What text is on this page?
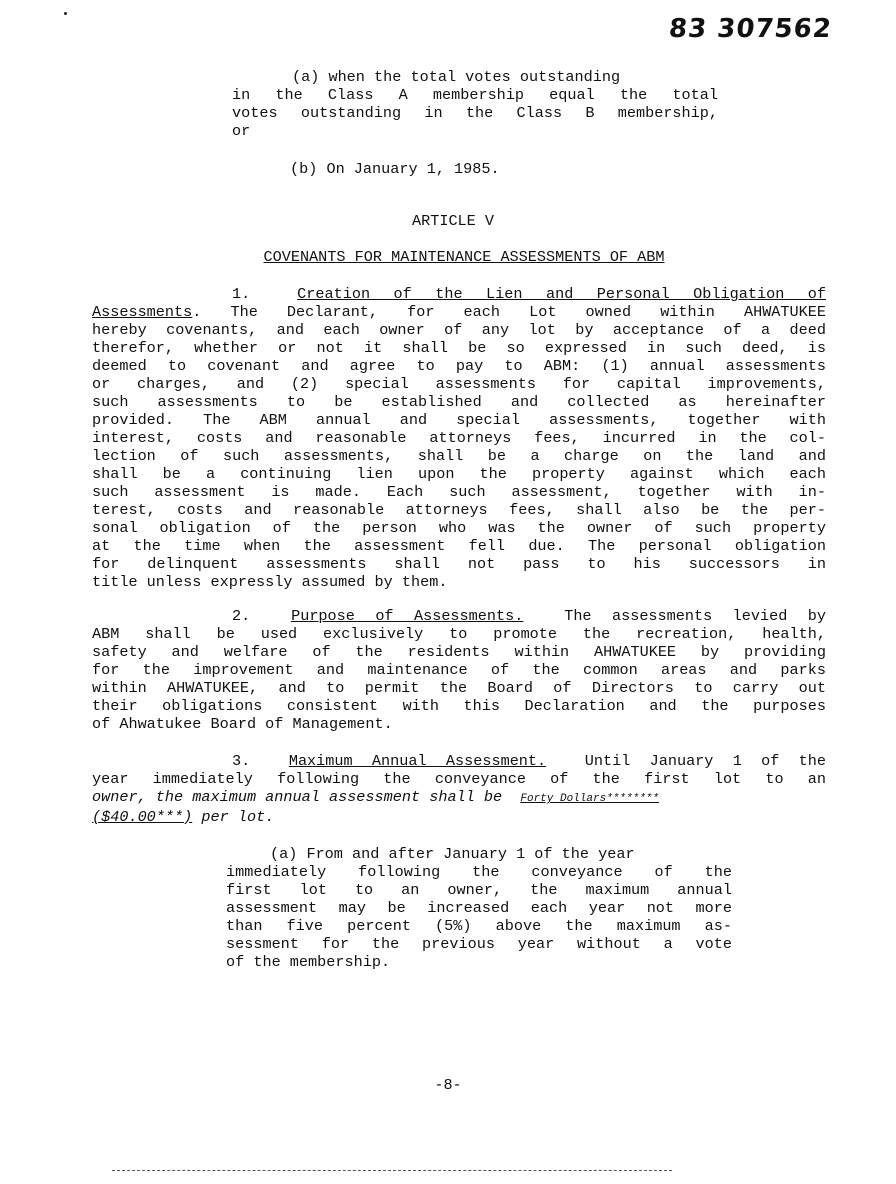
83 307562
(a) when the total votes outstanding

in the Class A membership equal the total

votes outstanding in the Class B membership,

or

(b) On January 1, 1985.
ARTICLE V
COVENANTS FOR MAINTENANCE ASSESSMENTS OF ABM

1.	Creation of the Lien and Personal Obligation of

Assessments. The Declarant, for each Lot owned within AHWATUKEE

hereby covenants, and each owner of any lot by acceptance of a deed

therefor, whether or not it shall be so expressed in such deed, is

deemed to covenant and agree to pay to ABM: (1) annual assessments

or charges, and (2) special assessments for capital improvements,

such assessments to be established and collected as hereinafter

provided. The ABM annual and special assessments, together with

interest, costs and reasonable attorneys fees, incurred in the col-

lection of such assessments, shall be a charge on the land and

shall be a continuing lien upon the property against which each

such assessment is made. Each such assessment, together with in-

terest, costs and reasonable attorneys fees, shall also be the per-

sonal obligation of the person who was the owner of such property

at the time when the assessment fell due. The personal obligation

for delinquent assessments shall not pass to his successors in

title unless expressly assumed by them.

2.	Purpose of Assessments.	The assessments levied by

ABM shall be used exclusively to promote the recreation, health,

safety and welfare of the residents within AHWATUKEE by providing

for the improvement and maintenance of the common areas and parks

within AHWATUKEE, and to permit the Board of Directors to carry out

their obligations consistent with this Declaration and the purposes

of Ahwatukee Board of Management.

3.	Maximum Annual Assessment.	Until January 1 of the

year immediately following the conveyance of the first lot to an

owner, the maximum annual assessment shall be Forty Dollars********

($40.00***) per lot.

(a) From and after January 1 of the year

immediately following the conveyance of the

first lot to an owner, the maximum annual

assessment may be increased each year not more

than five percent (5%) above the maximum as-

sessment for the previous year without a vote

of the membership.

-8-
